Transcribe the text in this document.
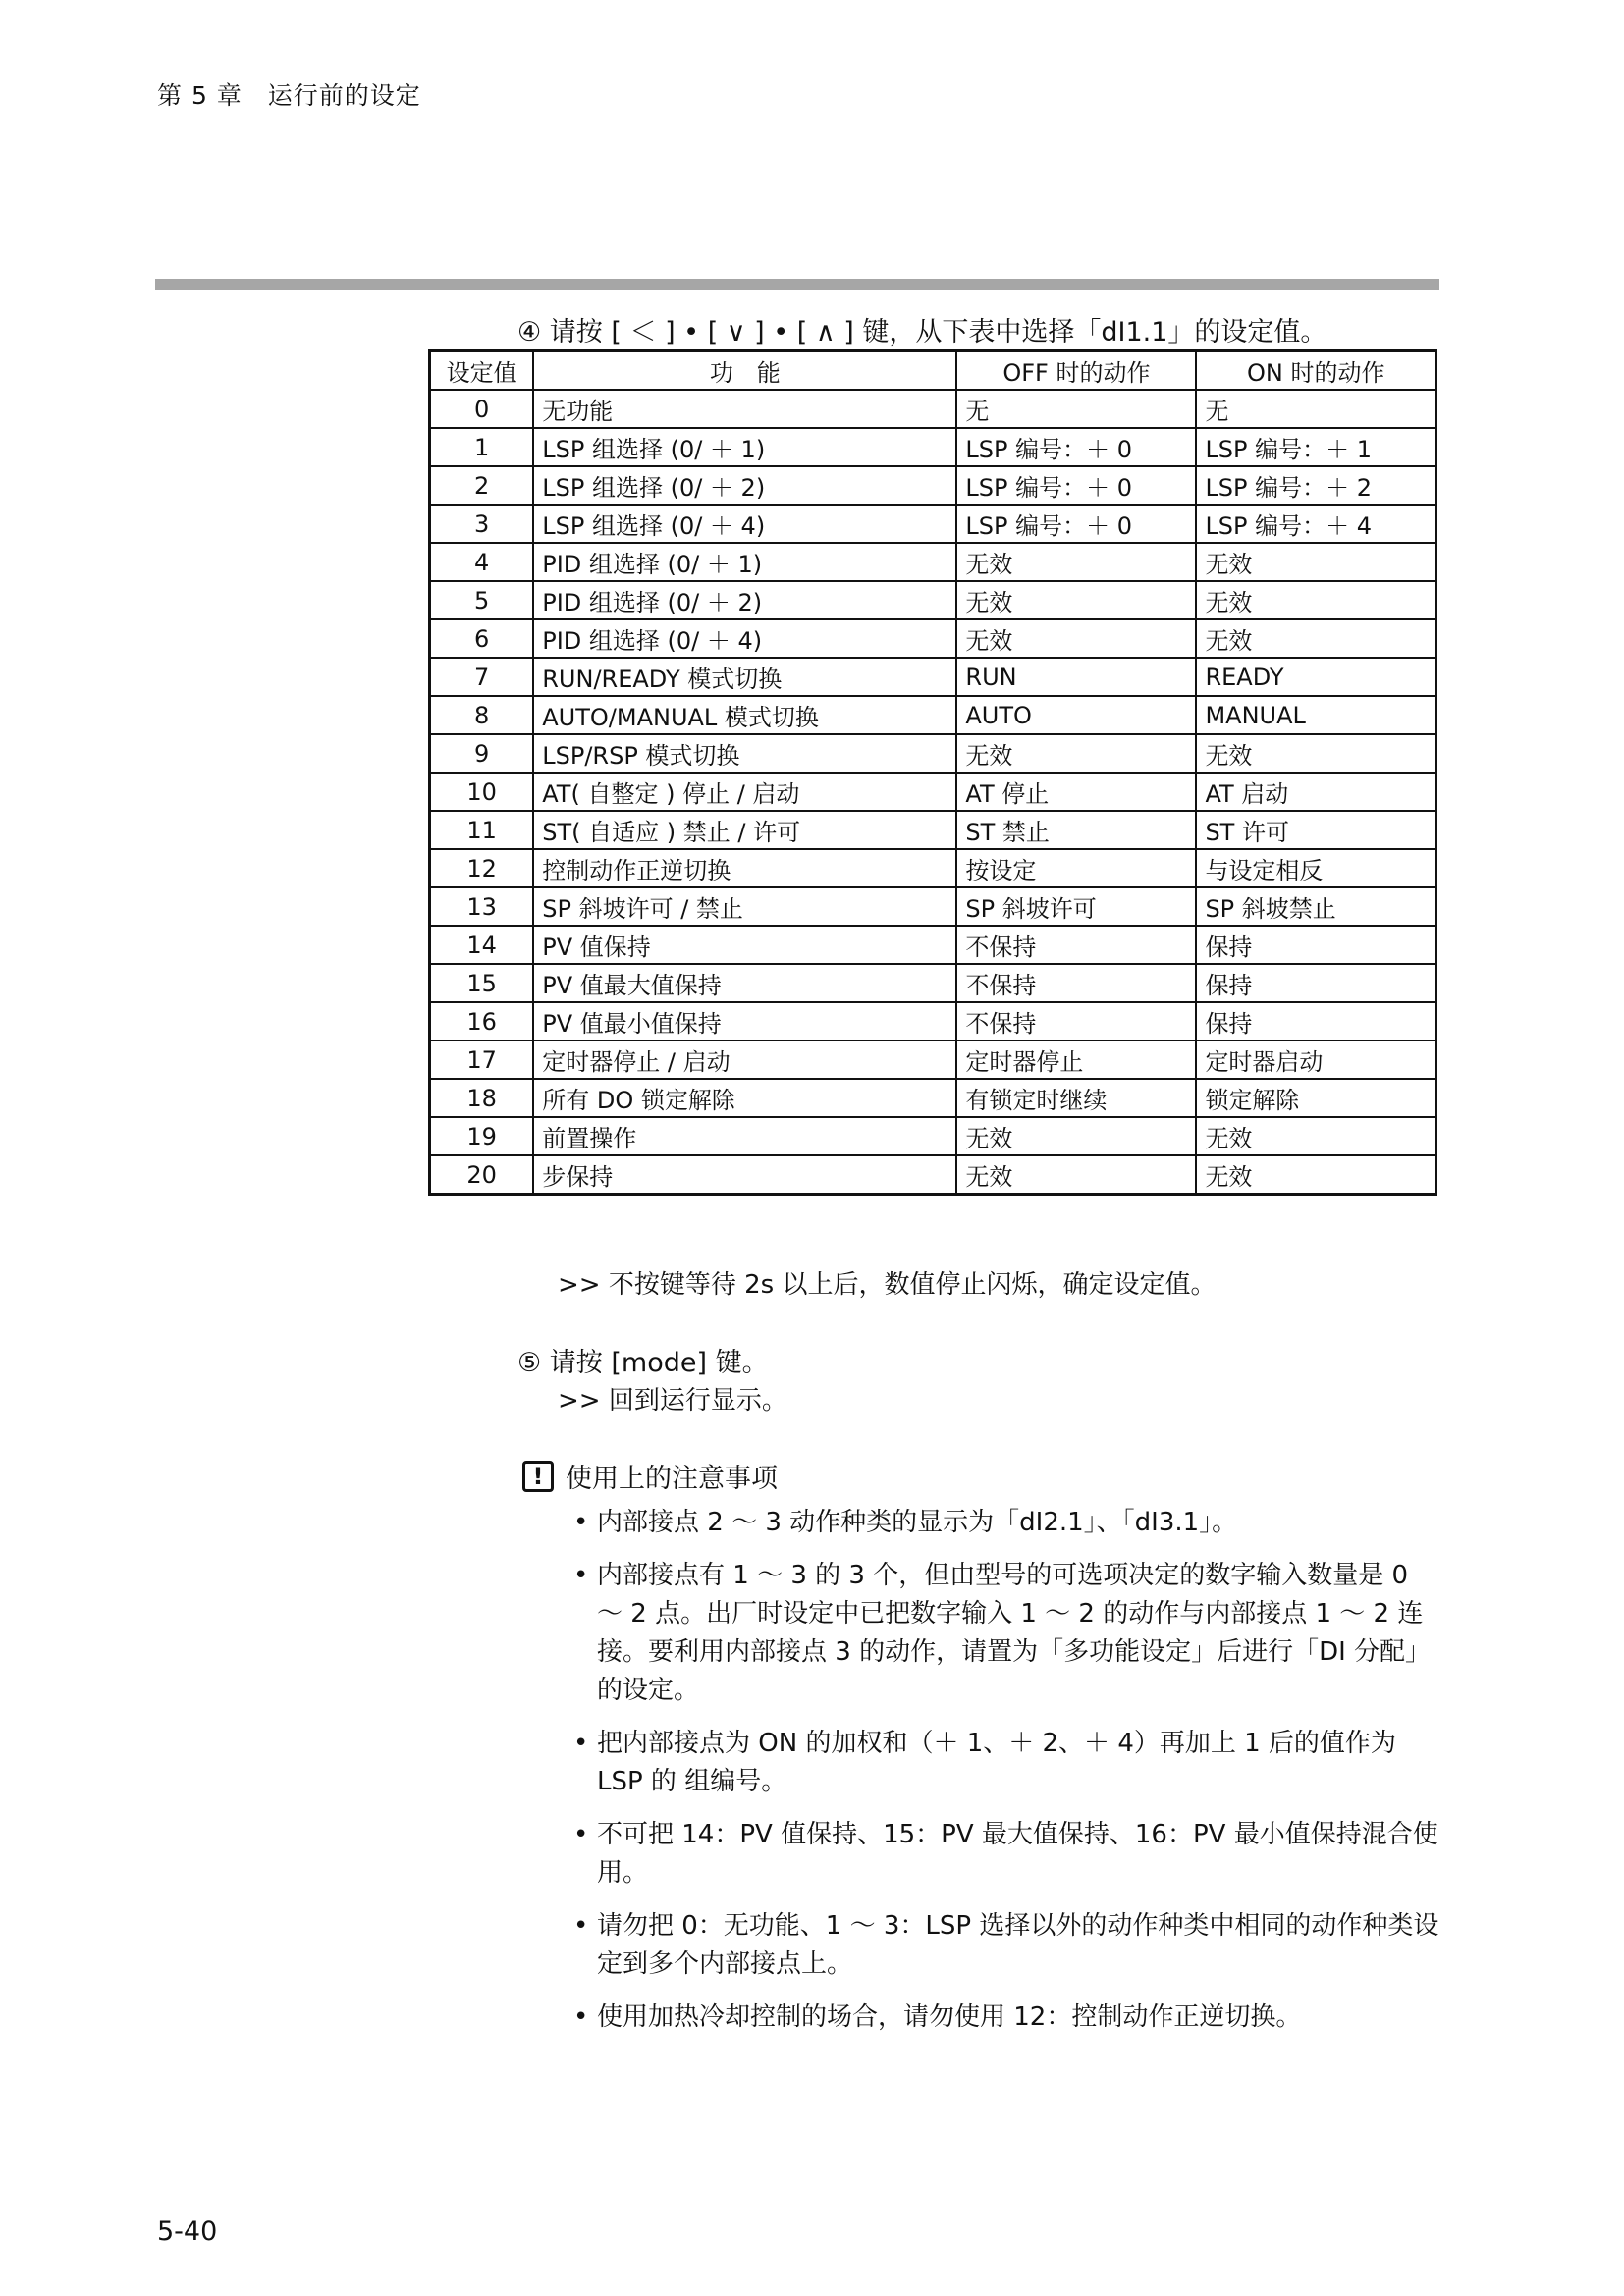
第 5 章　运行前的设定
④ 请按 [ ＜ ] • [ ∨ ] • [ ∧ ] 键，从下表中选择「dI1.1」的设定值。
设定值	功　能	OFF 时的动作	ON 时的动作
0	无功能	无	无
1	LSP 组选择 (0/ ＋ 1)	LSP 编号：＋ 0	LSP 编号：＋ 1
2	LSP 组选择 (0/ ＋ 2)	LSP 编号：＋ 0	LSP 编号：＋ 2
3	LSP 组选择 (0/ ＋ 4)	LSP 编号：＋ 0	LSP 编号：＋ 4
4	PID 组选择 (0/ ＋ 1)	无效	无效
5	PID 组选择 (0/ ＋ 2)	无效	无效
6	PID 组选择 (0/ ＋ 4)	无效	无效
7	RUN/READY 模式切换	RUN	READY
8	AUTO/MANUAL 模式切换	AUTO	MANUAL
9	LSP/RSP 模式切换	无效	无效
10	AT( 自整定 ) 停止 / 启动	AT 停止	AT 启动
11	ST( 自适应 ) 禁止 / 许可	ST 禁止	ST 许可
12	控制动作正逆切换	按设定	与设定相反
13	SP 斜坡许可 / 禁止	SP 斜坡许可	SP 斜坡禁止
14	PV 值保持	不保持	保持
15	PV 值最大值保持	不保持	保持
16	PV 值最小值保持	不保持	保持
17	定时器停止 / 启动	定时器停止	定时器启动
18	所有 DO 锁定解除	有锁定时继续	锁定解除
19	前置操作	无效	无效
20	步保持	无效	无效
>> 不按键等待 2s 以上后，数值停止闪烁，确定设定值。
⑤ 请按 [mode] 键。
>> 回到运行显示。
! 使用上的注意事项
• 内部接点 2 ～ 3 动作种类的显示为「dI2.1」、「dI3.1」。
• 内部接点有 1 ～ 3 的 3 个，但由型号的可选项决定的数字输入数量是 0 ～ 2 点。出厂时设定中已把数字输入 1 ～ 2 的动作与内部接点 1 ～ 2 连接。要利用内部接点 3 的动作，请置为「多功能设定」后进行「DI 分配」的设定。
• 把内部接点为 ON 的加权和（＋ 1、＋ 2、＋ 4）再加上 1 后的值作为 LSP 的 组编号。
• 不可把 14：PV 值保持、15：PV 最大值保持、16：PV 最小值保持混合使用。
• 请勿把 0：无功能、1 ～ 3：LSP 选择以外的动作种类中相同的动作种类设定到多个内部接点上。
• 使用加热冷却控制的场合，请勿使用 12：控制动作正逆切换。
5-40
